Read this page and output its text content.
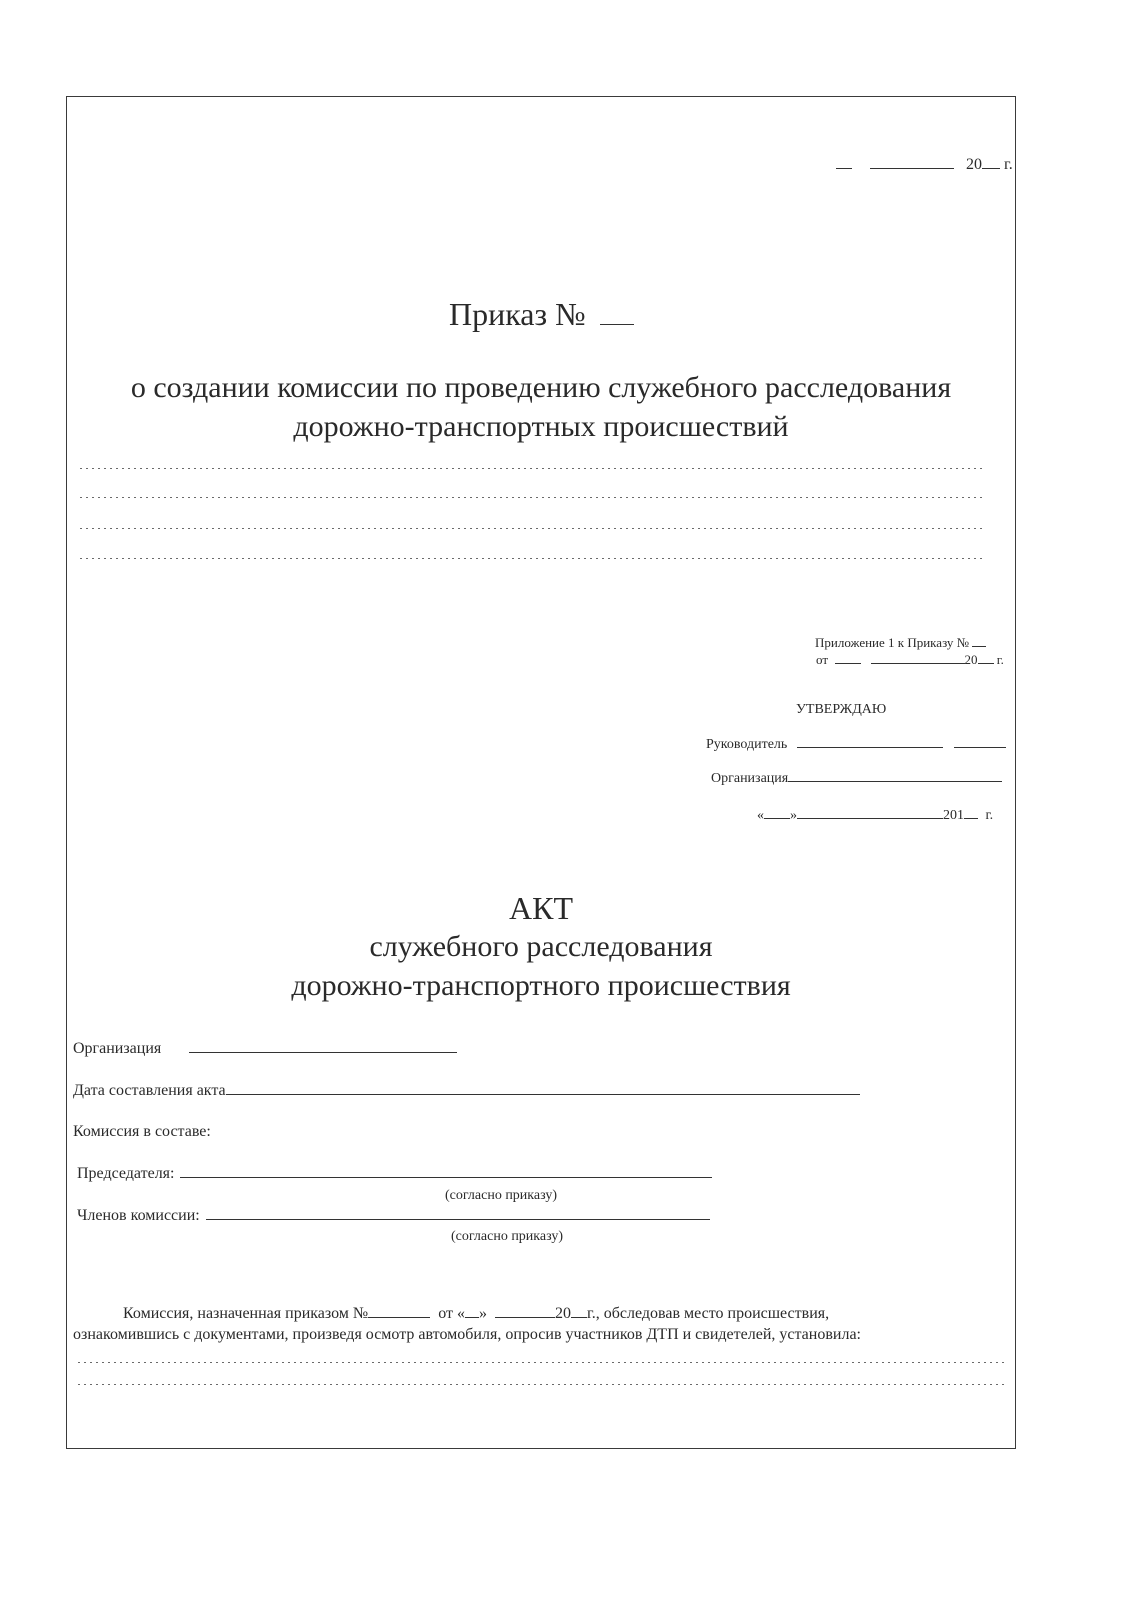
20 г.
Приказ №
о создании комиссии по проведению служебного расследования
дорожно-транспортных происшествий
Приложение 1 к Приказу №
от	20 г.
УТВЕРЖДАЮ
Руководитель
Организация
« »	201 г.
АКТ
служебного расследования
дорожно-транспортного происшествия
Организация
Дата составления акта
Комиссия в составе:
Председателя:
(согласно приказу)
Членов комиссии:
(согласно приказу)
Комиссия, назначенная приказом №	от « »	20 г., обследовав место происшествия,
ознакомившись с документами, произведя осмотр автомобиля, опросив участников ДТП и свидетелей, установила:
